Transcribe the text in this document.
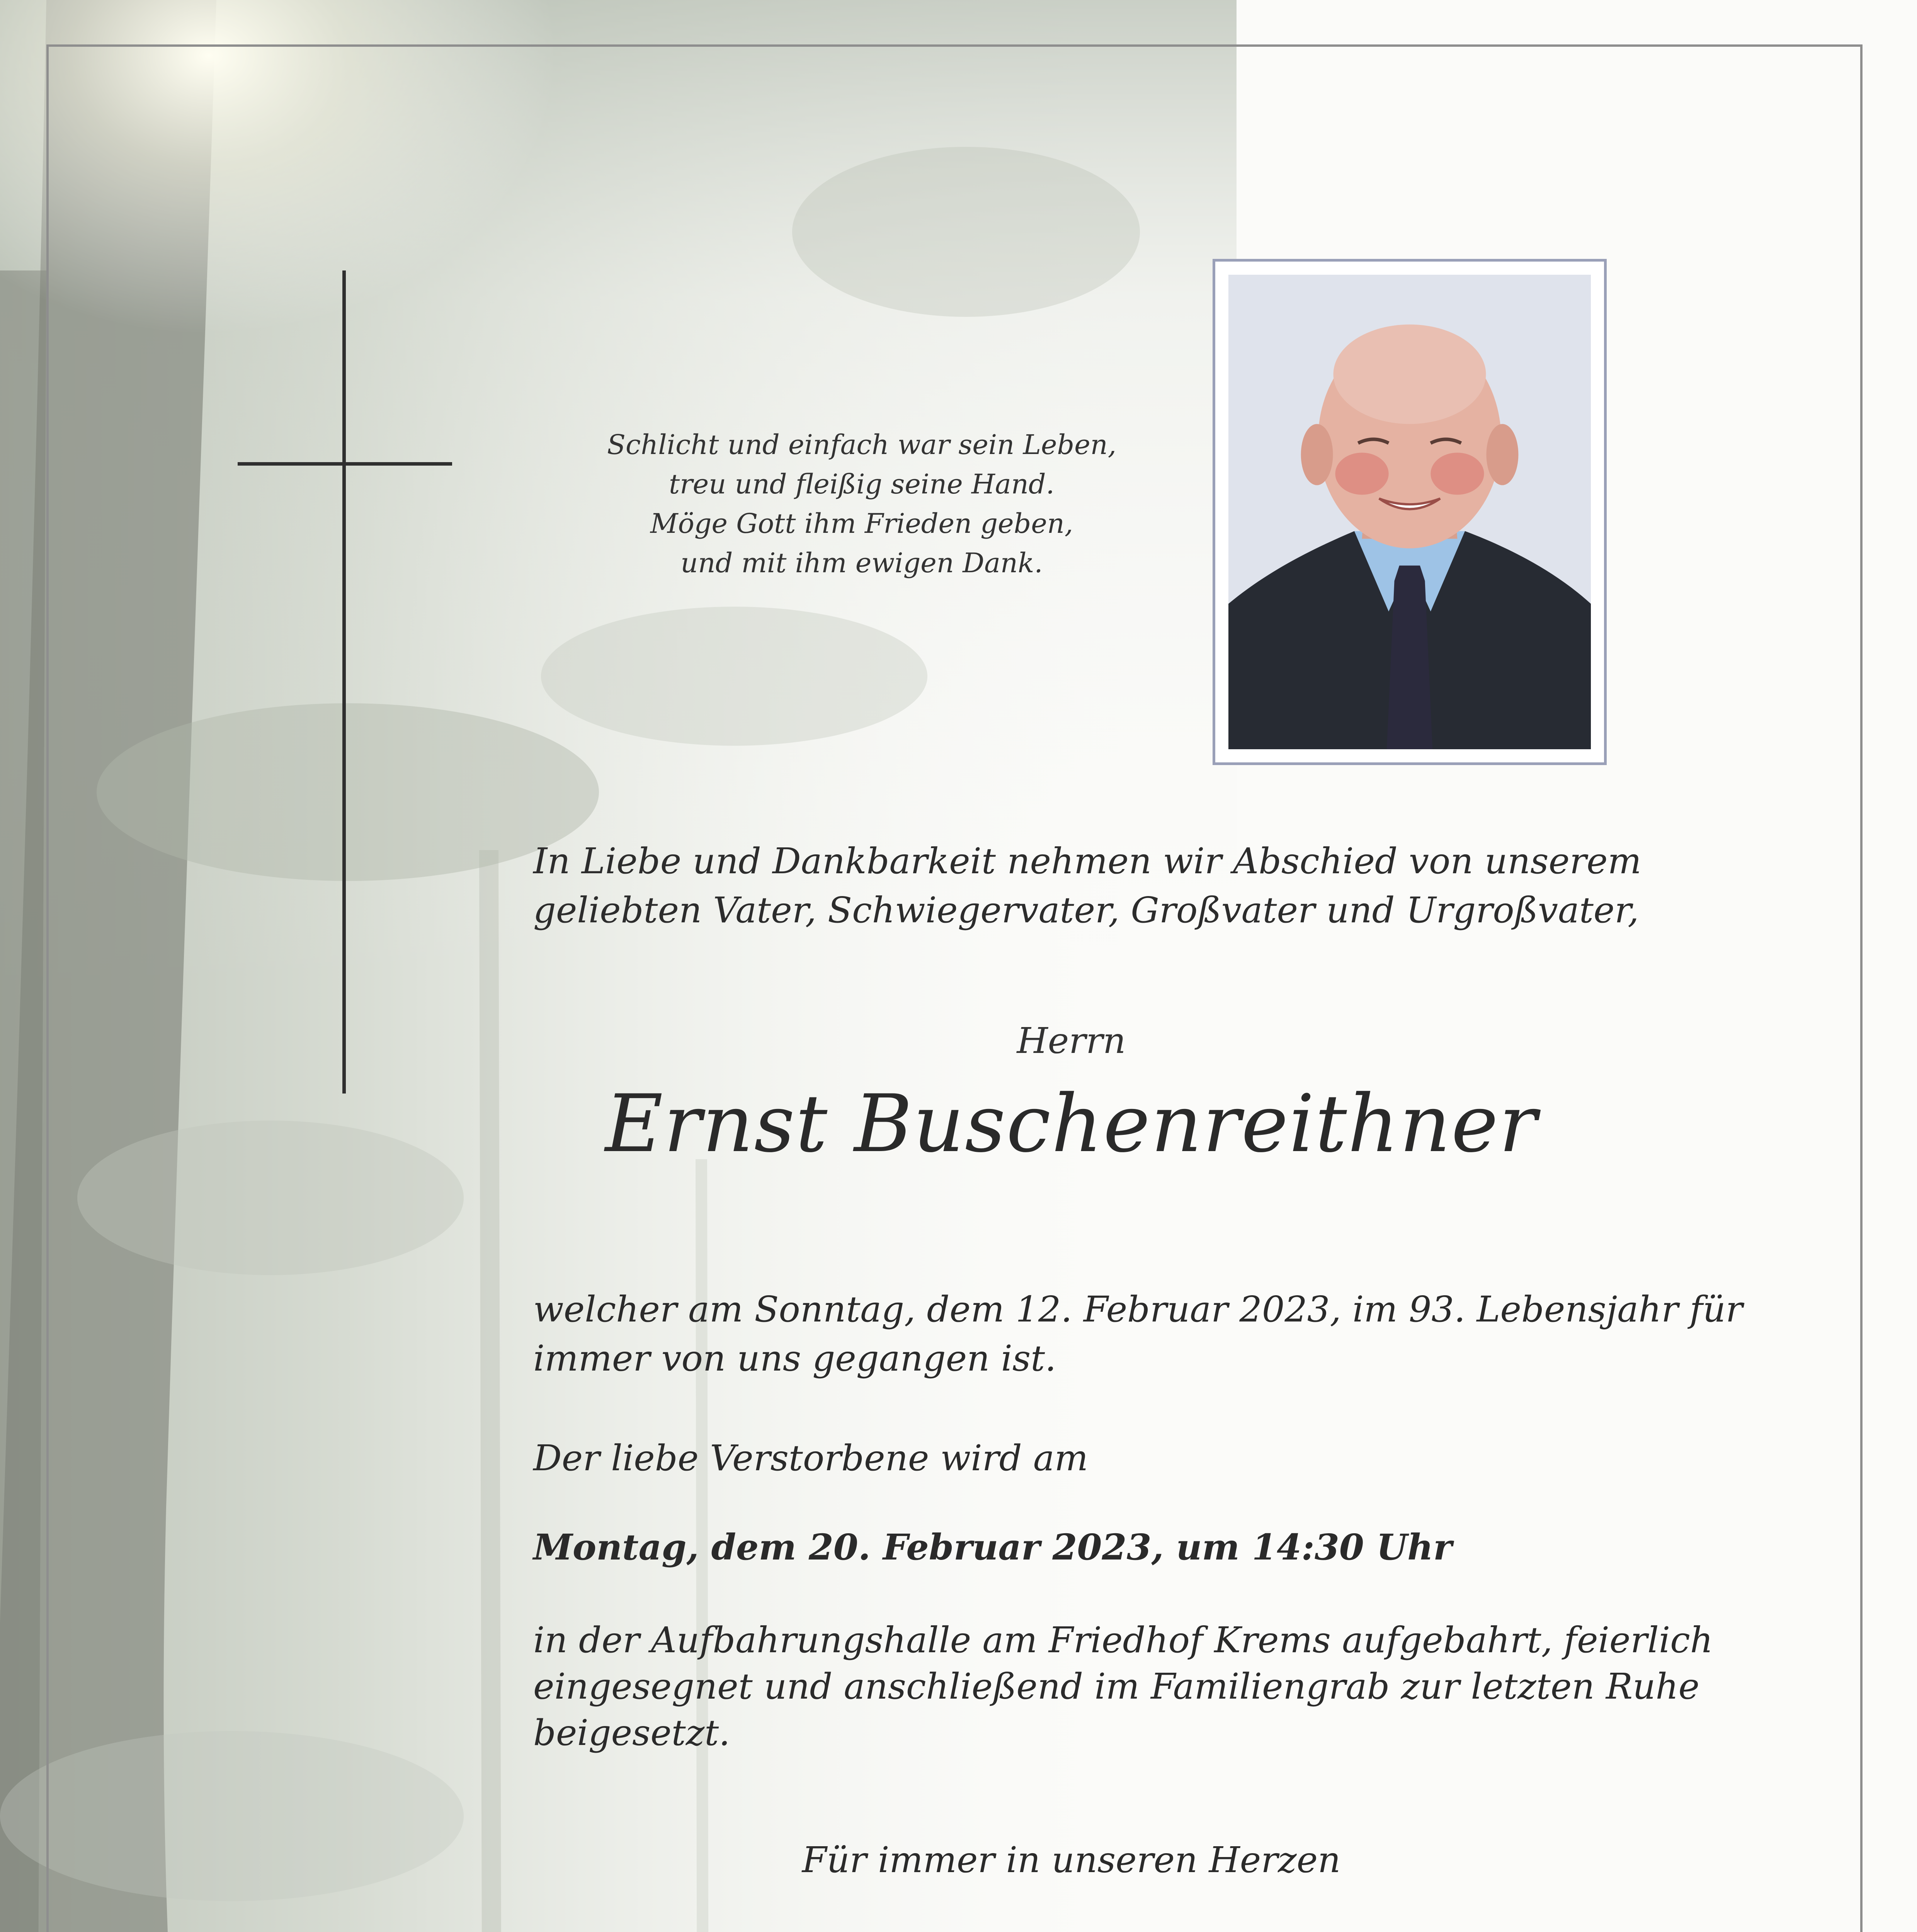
Schlicht und einfach war sein Leben,
treu und fleißig seine Hand.
Möge Gott ihm Frieden geben,
und mit ihm ewigen Dank.
In Liebe und Dankbarkeit nehmen wir Abschied von unserem
geliebten Vater, Schwiegervater, Großvater und Urgroßvater,
Herrn
Ernst Buschenreithner
welcher am Sonntag, dem 12. Februar 2023, im 93. Lebensjahr für
immer von uns gegangen ist.
Der liebe Verstorbene wird am
Montag, dem 20. Februar 2023, um 14:30 Uhr
in der Aufbahrungshalle am Friedhof Krems aufgebahrt, feierlich
eingesegnet und anschließend im Familiengrab zur letzten Ruhe
beigesetzt.
Für immer in unseren Herzen
